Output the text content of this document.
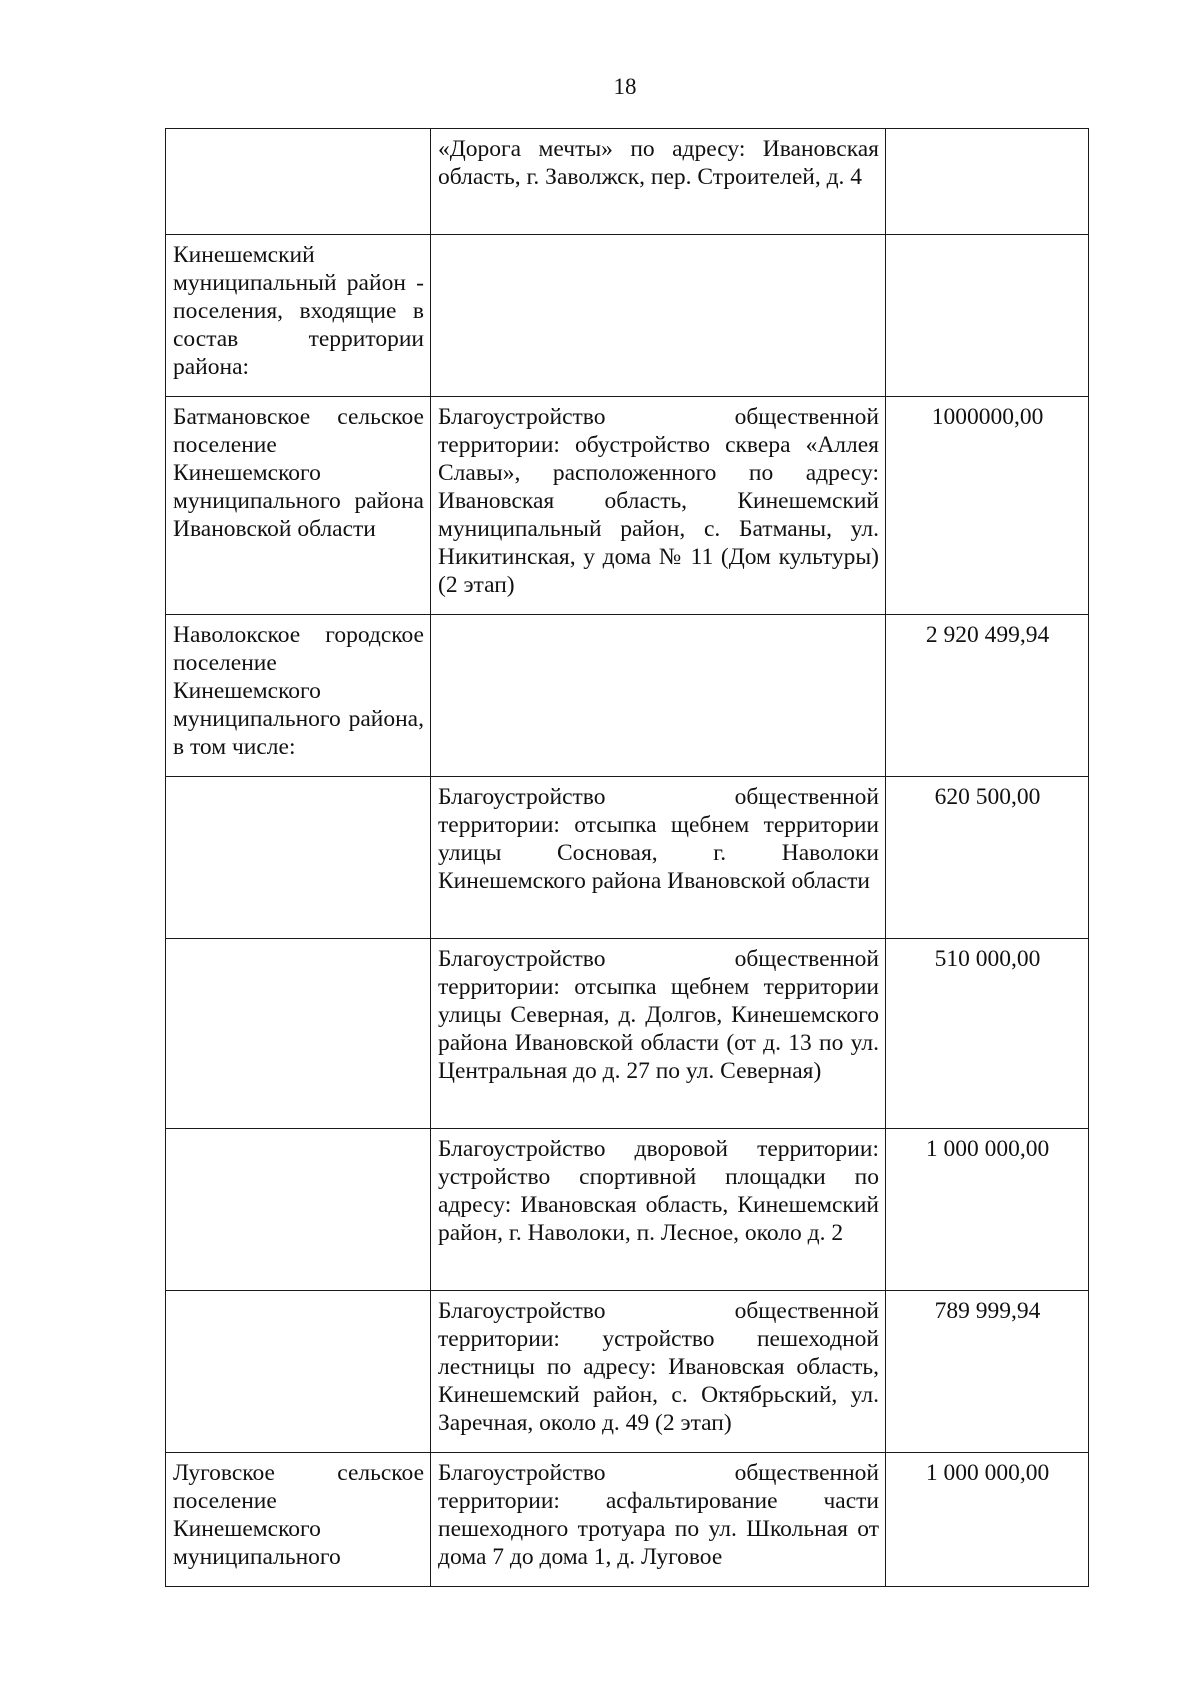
18

	«Дорога мечты» по адресу: Ивановская область, г. Заволжск, пер. Строителей, д. 4	

Кинешемский муниципальный район - поселения, входящие в состав территории района:		

Батмановское сельское поселение Кинешемского муниципального района Ивановской области	Благоустройство общественной территории: обустройство сквера «Аллея Славы», расположенного по адресу: Ивановская область, Кинешемский муниципальный район, с. Батманы, ул. Никитинская, у дома № 11 (Дом культуры) (2 этап)	1000000,00

Наволокское городское поселение Кинешемского муниципального района, в том числе:		2 920 499,94

	Благоустройство общественной территории: отсыпка щебнем территории улицы Сосновая, г. Наволоки Кинешемского района Ивановской области	620 500,00

	Благоустройство общественной территории: отсыпка щебнем территории улицы Северная, д. Долгов, Кинешемского района Ивановской области (от д. 13 по ул. Центральная до д. 27 по ул. Северная)	510 000,00

	Благоустройство дворовой территории: устройство спортивной площадки по адресу: Ивановская область, Кинешемский район, г. Наволоки, п. Лесное, около д. 2	1 000 000,00

	Благоустройство общественной территории: устройство пешеходной лестницы по адресу: Ивановская область, Кинешемский район, с. Октябрьский, ул. Заречная, около д. 49 (2 этап)	789 999,94

Луговское сельское поселение Кинешемского муниципального	Благоустройство общественной территории: асфальтирование части пешеходного тротуара по ул. Школьная от дома 7 до дома 1, д. Луговое	1 000 000,00
